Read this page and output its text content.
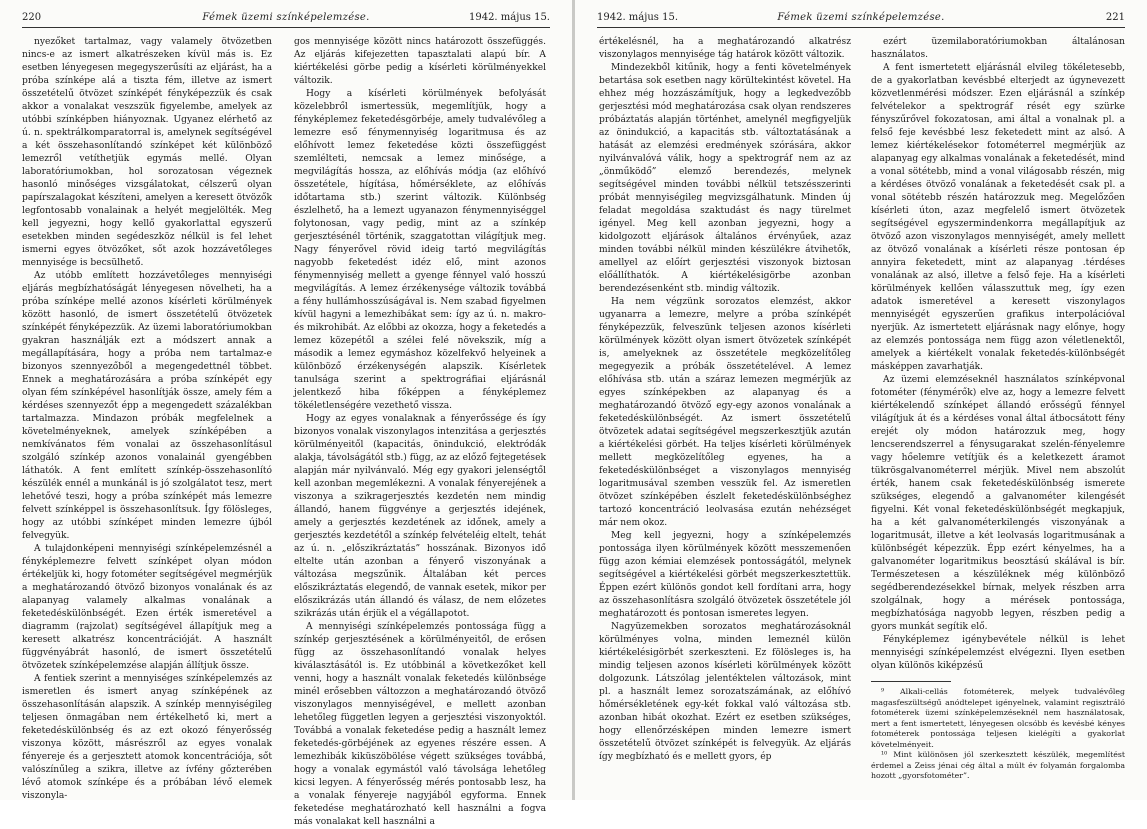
220	Fémek üzemi színképelemzése.	1942. május 15.

nyezőket tartalmaz, vagy valamely ötvözetben nincs-e az ismert alkatrészeken kívül más is. Ez esetben lényegesen megegyszerűsíti az eljárást, ha a próba színképe alá a tiszta fém, illetve az ismert összetételű ötvözet színképét fényképezzük és csak akkor a vonalakat veszszük figyelembe, amelyek az utóbbi színképben hiányoznak. Ugyanez elérhető az ú. n. spektrálkomparatorral is, amelynek segítségével a két összehasonlítandó színképet két különböző lemezről vetíthetjük egymás mellé. Olyan laboratóriumokban, hol sorozatosan végeznek hasonló minőséges vizsgálatokat, célszerű olyan papírszalagokat készíteni, amelyen a keresett ötvözők legfontosabb vonalainak a helyét megjelölték. Meg kell jegyezni, hogy kellő gyakorlattal egyszerű esetekben minden segédeszköz nélkül is fel lehet ismerni egyes ötvözőket, sőt azok hozzávetőleges mennyisége is becsülhető.

Az utóbb említett hozzávetőleges mennyiségi eljárás megbízhatóságát lényegesen növelheti, ha a próba színképe mellé azonos kísérleti körülmények között hasonló, de ismert összetételű ötvözetek színképét fényképezzük. Az üzemi laboratóriumokban gyakran használják ezt a módszert annak a megállapítására, hogy a próba nem tartalmaz-e bizonyos szennyezőből a megengedettnél többet. Ennek a meghatározására a próba színképét egy olyan fém színképével hasonlítják össze, amely fém a kérdéses szennyezőt épp a megengedett százalékban tartalmazza. Mindazon próbák megfelelnek a követelményeknek, amelyek színképében a nemkívánatos fém vonalai az összehasonlításul szolgáló színkép azonos vonalainál gyengébben láthatók. A fent említett színkép-összehasonlító készülék ennél a munkánál is jó szolgálatot tesz, mert lehetővé teszi, hogy a próba színképét más lemezre felvett színképpel is összehasonlítsuk. Így fölösleges, hogy az utóbbi színképet minden lemezre újból felvegyük.

A tulajdonképeni mennyiségi színképelemzésnél a fényképlemezre felvett színképet olyan módon értékeljük ki, hogy fotométer segítségével megmérjük a meghatározandó ötvöző bizonyos vonalának és az alapanyag valamely alkalmas vonalának a feketedéskülönbségét. Ezen érték ismeretével a diagramm (rajzolat) segítségével állapítjuk meg a keresett alkatrész koncentrációját. A használt függvényábrát hasonló, de ismert összetételű ötvözetek színképelemzése alapján állítjuk össze.

A fentiek szerint a mennyiséges színképelemzés az ismeretlen és ismert anyag színképének az összehasonlításán alapszik. A színkép mennyiségileg teljesen önmagában nem értékelhető ki, mert a feketedéskülönbség és az ezt okozó fényerősség viszonya között, másrészről az egyes vonalak fényereje és a gerjesztett atomok koncentrációja, sőt valószínűleg a szikra, illetve az ívfény gőzterében lévő atomok színképe és a próbában lévő elemek viszonyla-

gos mennyisége között nincs határozott összefüggés. Az eljárás kifejezetten tapasztalati alapú bír. A kiértékelési görbe pedig a kísérleti körülményekkel változik.

Hogy a kísérleti körülmények befolyását közelebbről ismertessük, megemlítjük, hogy a fényképlemez feketedésgörbéje, amely tudvalévőleg a lemezre eső fénymennyiség logaritmusa és az előhívott lemez feketedése közti összefüggést szemlélteti, nemcsak a lemez minősége, a megvilágítás hossza, az előhívás módja (az előhívó összetétele, hígítása, hőmérséklete, az előhívás időtartama stb.) szerint változik. Különbség észlelhető, ha a lemezt ugyanazon fénymennyiséggel folytonosan, vagy pedig, mint az a színkép gerjesztésénél történik, szaggatottan világítjuk meg. Nagy fényerővel rövid ideig tartó megvilágítás nagyobb feketedést idéz elő, mint azonos fénymennyiség mellett a gyenge fénnyel való hosszú megvilágítás. A lemez érzékenysége változik továbbá a fény hullámhosszúságával is. Nem szabad figyelmen kívül hagyni a lemezhibákat sem: így az ú. n. makro- és mikrohibát. Az előbbi az okozza, hogy a feketedés a lemez közepétől a szélei felé növekszik, míg a második a lemez egymáshoz közelfekvő helyeinek a különböző érzékenységén alapszik. Kísérletek tanulsága szerint a spektrográfiai eljárásnál jelentkező hiba főképpen a fényképlemez tökéletlenségére vezethető vissza.

Hogy az egyes vonalaknak a fényerőssége és így bizonyos vonalak viszonylagos intenzitása a gerjesztés körülményeitől (kapacitás, önindukció, elektródák alakja, távolságától stb.) függ, az az előző fejtegetések alapján már nyilvánvaló. Még egy gyakori jelenségtől kell azonban megemlékezni. A vonalak fényerejének a viszonya a szikragerjesztés kezdetén nem mindig állandó, hanem függvénye a gerjesztés idejének, amely a gerjesztés kezdetének az időnek, amely a gerjesztés kezdetétől a színkép felvételéig eltelt, tehát az ú. n. „előszikráztatás” hosszának. Bizonyos idő eltelte után azonban a fényerő viszonyának a változása megszűnik. Általában két perces előszikráztatás elegendő, de vannak esetek, mikor per előszikrázás után állandó és válasz, de nem előzetes szikrázás után érjük el a végállapotot.

A mennyiségi színképelemzés pontossága függ a színkép gerjesztésének a körülményeitől, de erősen függ az összehasonlítandó vonalak helyes kiválasztásától is. Ez utóbbinál a következőket kell venni, hogy a használt vonalak feketedés különbsége minél erősebben változzon a meghatározandó ötvöző viszonylagos mennyiségével, e mellett azonban lehetőleg független legyen a gerjesztési viszonyoktól. Továbbá a vonalak feketedése pedig a használt lemez feketedés-görbéjének az egyenes részére essen. A lemezhibák kiküszöbölése végett szükséges továbbá, hogy a vonalak egymástól való távolsága lehetőleg kicsi legyen. A fényerősség mérés pontosabb lesz, ha a vonalak fényereje nagyjából egyforma. Ennek feketedése meghatározható kell használni a fogva más vonalakat kell használni a

1942. május 15.	Fémek üzemi színképelemzése.	221

értékelésnél, ha a meghatározandó alkatrész viszonylagos mennyisége tág határok között változik.

Mindezekből kitűnik, hogy a fenti követelmények betartása sok esetben nagy körültekintést követel. Ha ehhez még hozzászámítjuk, hogy a legkedvezőbb gerjesztési mód meghatározása csak olyan rendszeres próbáztatás alapján történhet, amelynél megfigyeljük az önindukció, a kapacitás stb. változtatásának a hatását az elemzési eredmények szórására, akkor nyilvánvalóvá válik, hogy a spektrográf nem az az „önműködő” elemző berendezés, melynek segítségével minden további nélkül tetszésszerinti próbát mennyiségileg megvizsgálhatunk. Minden új feladat megoldása szaktudást és nagy türelmet igényel. Meg kell azonban jegyezni, hogy a kidolgozott eljárások általános érvényűek, azaz minden további nélkül minden készülékre átvihetők, amellyel az előírt gerjesztési viszonyok biztosan előállíthatók. A kiértékelésigörbe azonban berendezésenként stb. mindig változik.

Ha nem végzünk sorozatos elemzést, akkor ugyanarra a lemezre, melyre a próba színképét fényképezzük, felveszünk teljesen azonos kísérleti körülmények között olyan ismert ötvözetek színképét is, amelyeknek az összetétele megközelítőleg megegyezik a próbák összetételével. A lemez előhívása stb. után a száraz lemezen megmérjük az egyes színképekben az alapanyag és a meghatározandó ötvöző egy-egy azonos vonalának a feketedéskülönbségét. Az ismert összetételű ötvözetek adatai segítségével megszerkesztjük azután a kiértékelési görbét. Ha teljes kísérleti körülmények mellett megközelítőleg egyenes, ha a feketedéskülönbséget a viszonylagos mennyiség logaritmusával szemben vesszük fel. Az ismeretlen ötvözet színképében észlelt feketedéskülönbséghez tartozó koncentráció leolvasása ezután nehézséget már nem okoz.

Meg kell jegyezni, hogy a színképelemzés pontossága ilyen körülmények között messzemenően függ azon kémiai elemzések pontosságától, melynek segítségével a kiértékelési görbét megszerkesztettük. Éppen ezért különös gondot kell fordítani arra, hogy az összehasonlításra szolgáló ötvözetek összetétele jól meghatározott és pontosan ismeretes legyen.

Nagyüzemekben sorozatos meghatározásoknál körülményes volna, minden lemeznél külön kiértékelésigörbét szerkeszteni. Ez fölösleges is, ha mindig teljesen azonos kísérleti körülmények között dolgozunk. Látszólag jelentéktelen változások, mint pl. a használt lemez sorozatszámának, az előhívó hőmérsékletének egy-két fokkal való változása stb. azonban hibát okozhat. Ezért ez esetben szükséges, hogy ellenőrzésképen minden lemezre ismert összetételű ötvözet színképét is felvegyük. Az eljárás így megbízható és e mellett gyors, ép

ezért üzemilaboratóriumokban általánosan használatos.

A fent ismertetett eljárásnál elvileg tökéletesebb, de a gyakorlatban kevésbbé elterjedt az úgynevezett közvetlenmérési módszer. Ezen eljárásnál a színkép felvételekor a spektrográf rését egy szürke fényszűrővel fokozatosan, ami által a vonalnak pl. a felső feje kevésbbé lesz feketedett mint az alsó. A lemez kiértékelésekor fotométerrel megmérjük az alapanyag egy alkalmas vonalának a feketedését, mind a vonal sötétebb, mind a vonal világosabb részén, mig a kérdéses ötvöző vonalának a feketedését csak pl. a vonal sötétebb részén határozzuk meg. Megelőzően kísérleti úton, azaz megfelelő ismert ötvözetek segítségével egyszermindenkorra megállapítjuk az ötvöző azon viszonylagos mennyiségét, amely mellett az ötvöző vonalának a kísérleti része pontosan ép annyira feketedett, mint az alapanyag .térdéses vonalának az alsó, illetve a felső feje. Ha a kísérleti körülmények kellően válasszuttuk meg, így ezen adatok ismeretével a keresett viszonylagos mennyiségét egyszerűen grafikus interpolációval nyerjük. Az ismertetett eljárásnak nagy előnye, hogy az elemzés pontossága nem függ azon véletlenektől, amelyek a kiértékelt vonalak feketedés-különbségét másképpen zavarhatják.

Az üzemi elemzéseknél használatos színképvonal fotométer (fénymérők) elve az, hogy a lemezre felvett kiértékelendő színképet állandó erősségű fénnyel világítjuk át és a kérdéses vonal által átbocsátott fény erejét oly módon határozzuk meg, hogy lencserendszerrel a fénysugarakat szelén-fényelemre vagy hőelemre vetítjük és a keletkezett áramot tükrösgalvanométerrel mérjük. Mivel nem abszolút érték, hanem csak feketedéskülönbség ismerete szükséges, elegendő a galvanométer kilengését figyelni. Két vonal feketedéskülönbségét megkapjuk, ha a két galvanométerkilengés viszonyának a logaritmusát, illetve a két leolvasás logaritmusának a különbségét képezzük. Épp ezért kényelmes, ha a galvanométer logaritmikus beosztású skálával is bír. Természetesen a készüléknek még különböző segédberendezésekkel bírnak, melyek részben arra szolgálnak, hogy a mérések pontossága, megbízhatósága nagyobb legyen, részben pedig a gyors munkát segítik elő.

Fényképlemez igénybevétele nélkül is lehet mennyiségi színképelemzést elvégezni. Ilyen esetben olyan különös kiképzésű

⁹ Alkali-cellás fotométerek, melyek tudvalévőleg magasfeszültségű anódtelepet igényelnek, valamint regisztráló fotométerek üzemi színképelemzéseknél nem használatosak, mert a fent ismertetett, lényegesen olcsóbb és kevésbé kényes fotométerek pontossága teljesen kielégíti a gyakorlat követelményeit.

¹⁰ Mint különösen jól szerkesztett készülék, megemlítést érdemel a Zeiss jénai cég által a múlt év folyamán forgalomba hozott „gyorsfotométer”.
